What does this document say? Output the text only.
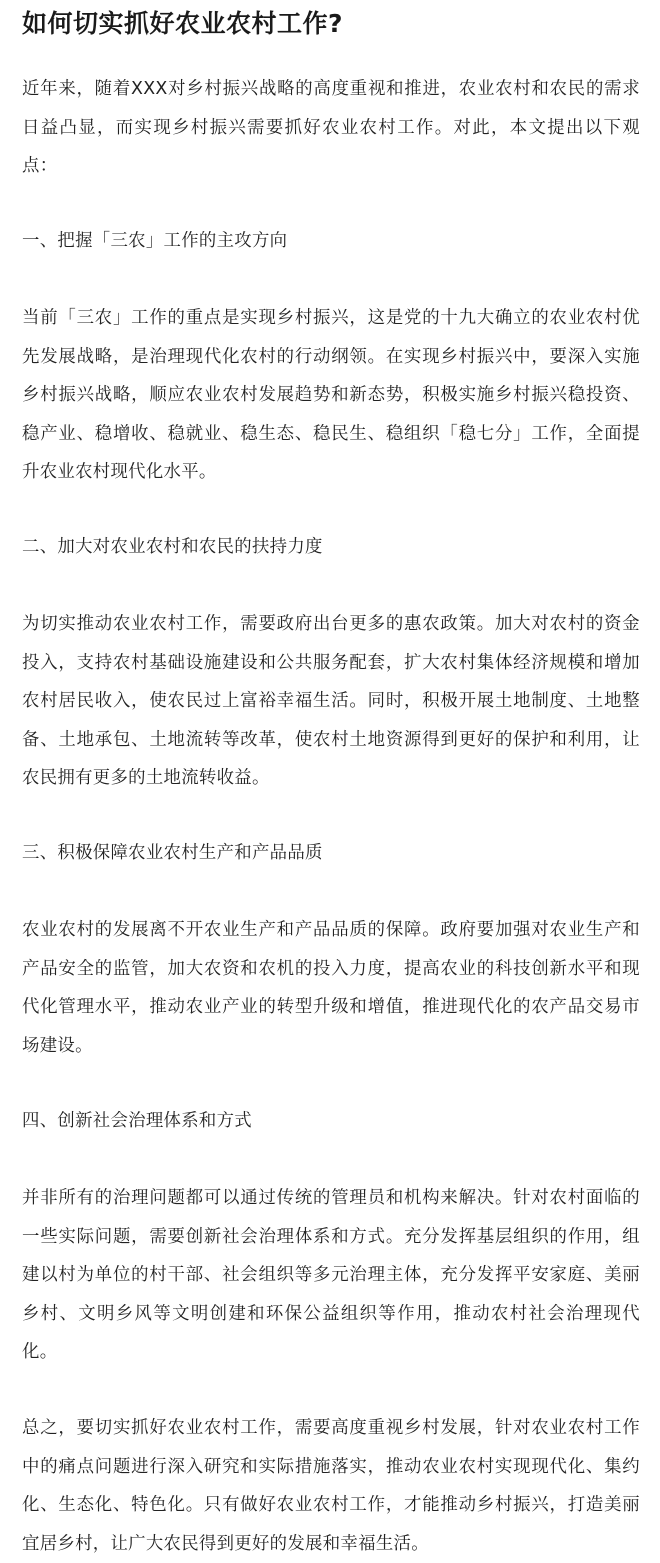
如何切实抓好农业农村工作?

近年来，随着XXX对乡村振兴战略的高度重视和推进，农业农村和农民的需求日益凸显，而实现乡村振兴需要抓好农业农村工作。对此，本文提出以下观点：

一、把握「三农」工作的主攻方向

当前「三农」工作的重点是实现乡村振兴，这是党的十九大确立的农业农村优先发展战略，是治理现代化农村的行动纲领。在实现乡村振兴中，要深入实施乡村振兴战略，顺应农业农村发展趋势和新态势，积极实施乡村振兴稳投资、稳产业、稳增收、稳就业、稳生态、稳民生、稳组织「稳七分」工作，全面提升农业农村现代化水平。

二、加大对农业农村和农民的扶持力度

为切实推动农业农村工作，需要政府出台更多的惠农政策。加大对农村的资金投入，支持农村基础设施建设和公共服务配套，扩大农村集体经济规模和增加农村居民收入，使农民过上富裕幸福生活。同时，积极开展土地制度、土地整备、土地承包、土地流转等改革，使农村土地资源得到更好的保护和利用，让农民拥有更多的土地流转收益。

三、积极保障农业农村生产和产品品质

农业农村的发展离不开农业生产和产品品质的保障。政府要加强对农业生产和产品安全的监管，加大农资和农机的投入力度，提高农业的科技创新水平和现代化管理水平，推动农业产业的转型升级和增值，推进现代化的农产品交易市场建设。

四、创新社会治理体系和方式

并非所有的治理问题都可以通过传统的管理员和机构来解决。针对农村面临的一些实际问题，需要创新社会治理体系和方式。充分发挥基层组织的作用，组建以村为单位的村干部、社会组织等多元治理主体，充分发挥平安家庭、美丽乡村、文明乡风等文明创建和环保公益组织等作用，推动农村社会治理现代化。

总之，要切实抓好农业农村工作，需要高度重视乡村发展，针对农业农村工作中的痛点问题进行深入研究和实际措施落实，推动农业农村实现现代化、集约化、生态化、特色化。只有做好农业农村工作，才能推动乡村振兴，打造美丽宜居乡村，让广大农民得到更好的发展和幸福生活。
